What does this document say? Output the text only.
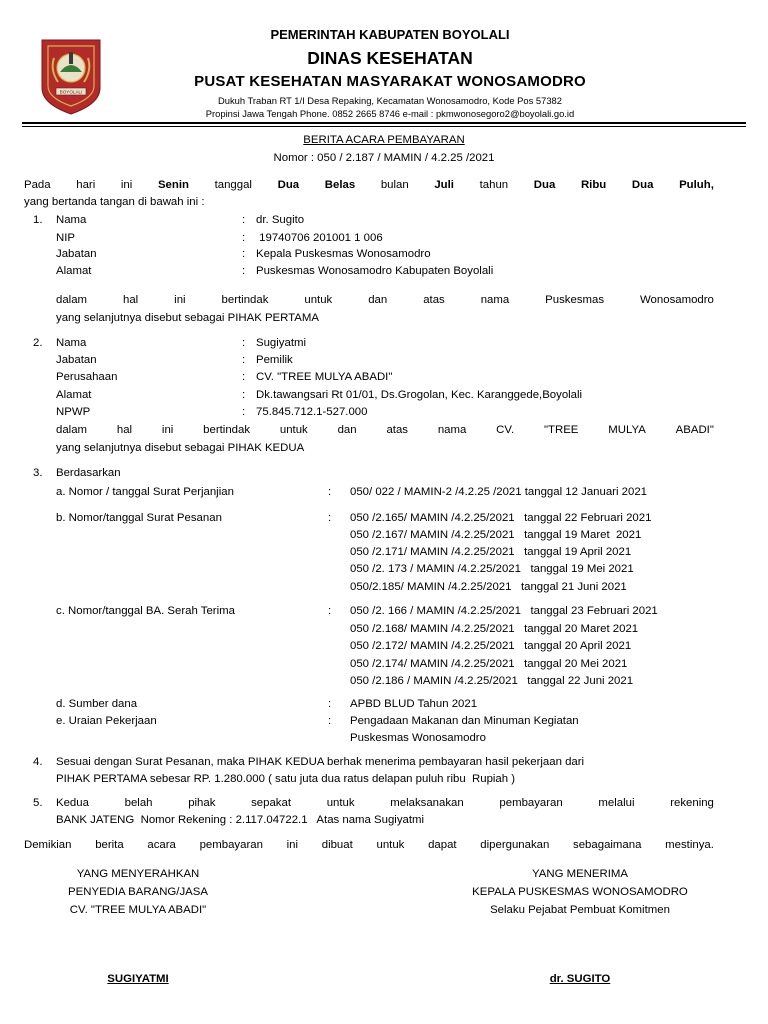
BOYOLALI
PEMERINTAH KABUPATEN BOYOLALI
DINAS KESEHATAN
PUSAT KESEHATAN MASYARAKAT WONOSAMODRO
Dukuh Traban RT 1/I Desa Repaking, Kecamatan Wonosamodro, Kode Pos 57382
Propinsi Jawa Tengah Phone. 0852 2665 8746 e-mail : pkmwonosegoro2@boyolali.go.id
BERITA ACARA PEMBAYARAN
Nomor : 050 / 2.187 / MAMIN / 4.2.25 /2021
Pada hari ini Senin tanggal Dua Belas bulan Juli tahun Dua Ribu Dua Puluh,
yang bertanda tangan di bawah ini :
1. Nama	: dr. Sugito
NIP	: 19740706 201001 1 006
Jabatan	: Kepala Puskesmas Wonosamodro
Alamat	: Puskesmas Wonosamodro Kabupaten Boyolali
dalam	hal	ini	bertindak	untuk	dan	atas	nama	Puskesmas	Wonosamodro
yang selanjutnya disebut sebagai PIHAK PERTAMA
2. Nama	: Sugiyatmi
Jabatan	: Pemilik
Perusahaan	: CV. "TREE MULYA ABADI"
Alamat	: Dk.tawangsari Rt 01/01, Ds.Grogolan, Kec. Karanggede,Boyolali
NPWP	: 75.845.712.1-527.000
dalam	hal	ini	bertindak	untuk	dan	atas	nama	CV.	"TREE	MULYA	ABADI"
yang selanjutnya disebut sebagai PIHAK KEDUA
3. Berdasarkan
a. Nomor / tanggal Surat Perjanjian	: 050/ 022 / MAMIN-2 /4.2.25 /2021 tanggal 12 Januari 2021
b. Nomor/tanggal Surat Pesanan	: 050 /2.165/ MAMIN /4.2.25/2021   tanggal 22 Februari 2021
050 /2.167/ MAMIN /4.2.25/2021   tanggal 19 Maret  2021
050 /2.171/ MAMIN /4.2.25/2021   tanggal 19 April 2021
050 /2. 173 / MAMIN /4.2.25/2021   tanggal 19 Mei 2021
050/2.185/ MAMIN /4.2.25/2021   tanggal 21 Juni 2021
c. Nomor/tanggal BA. Serah Terima	: 050 /2. 166 / MAMIN /4.2.25/2021   tanggal 23 Februari 2021
050 /2.168/ MAMIN /4.2.25/2021   tanggal 20 Maret 2021
050 /2.172/ MAMIN /4.2.25/2021   tanggal 20 April 2021
050 /2.174/ MAMIN /4.2.25/2021   tanggal 20 Mei 2021
050 /2.186 / MAMIN /4.2.25/2021   tanggal 22 Juni 2021
d. Sumber dana	: APBD BLUD Tahun 2021
e. Uraian Pekerjaan	: Pengadaan Makanan dan Minuman Kegiatan
Puskesmas Wonosamodro
4. Sesuai dengan Surat Pesanan, maka PIHAK KEDUA berhak menerima pembayaran hasil pekerjaan dari
PIHAK PERTAMA sebesar RP. 1.280.000 ( satu juta dua ratus delapan puluh ribu  Rupiah )
5. Kedua	belah	pihak	sepakat	untuk	melaksanakan	pembayaran	melalui	rekening
BANK JATENG  Nomor Rekening : 2.117.04722.1   Atas nama Sugiyatmi
Demikian berita acara pembayaran ini dibuat untuk dapat dipergunakan sebagaimana mestinya.
YANG MENYERAHKAN
PENYEDIA BARANG/JASA
CV. "TREE MULYA ABADI"
SUGIYATMI
YANG MENERIMA
KEPALA PUSKESMAS WONOSAMODRO
Selaku Pejabat Pembuat Komitmen
dr. SUGITO
